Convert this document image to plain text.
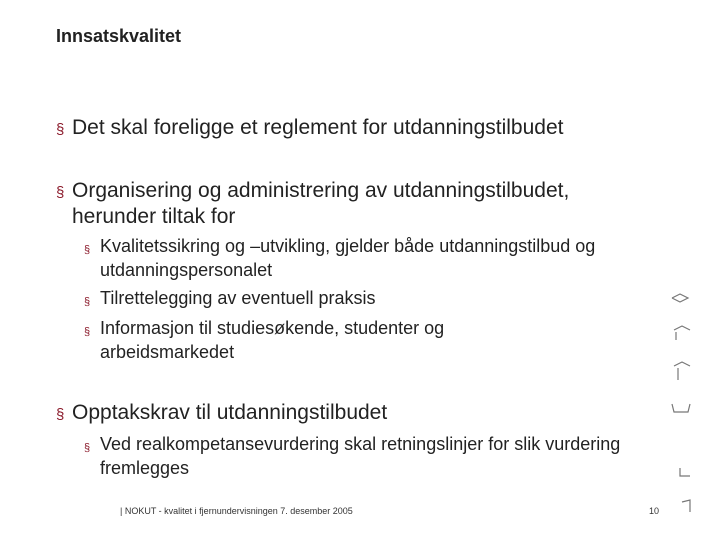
Innsatskvalitet
§ Det skal foreligge et reglement for utdanningstilbudet
§ Organisering og administrering av utdanningstilbudet, herunder tiltak for
§ Kvalitetssikring og –utvikling, gjelder både utdanningstilbud og utdanningspersonalet
§ Tilrettelegging av eventuell praksis
§ Informasjon til studiesøkende, studenter og arbeidsmarkedet
§ Opptakskrav til utdanningstilbudet
§ Ved realkompetansevurdering skal retningslinjer for slik vurdering fremlegges
| NOKUT - kvalitet i fjernundervisningen 7. desember 2005	10
